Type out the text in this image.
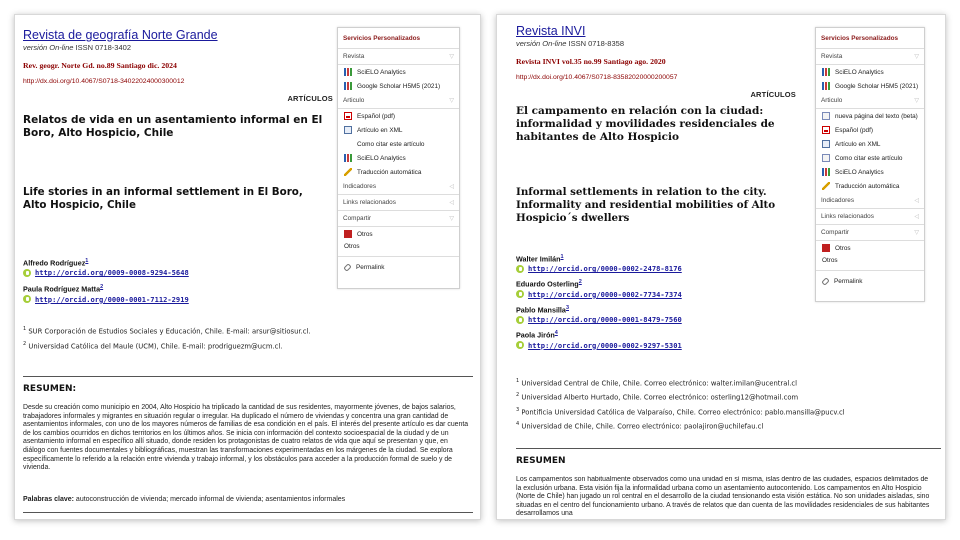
Revista de geografía Norte Grande
versión On-line ISSN 0718-3402
Rev. geogr. Norte Gd. no.89 Santiago dic. 2024
http://dx.doi.org/10.4067/S0718-34022024000300012
ARTÍCULOS
Relatos de vida en un asentamiento informal en El Boro, Alto Hospicio, Chile
Life stories in an informal settlement in El Boro, Alto Hospicio, Chile
Alfredo Rodríguez$^1$
http://orcid.org/0009-0008-9294-5648
Paula Rodríguez Matta$^2$
http://orcid.org/0000-0001-7112-2919
$^1$ SUR Corporación de Estudios Sociales y Educación, Chile. E-mail: arsur@sitiosur.cl.
$^2$ Universidad Católica del Maule (UCM), Chile. E-mail: prodriguezm@ucm.cl.
RESUMEN:
Desde su creación como municipio en 2004, Alto Hospicio ha triplicado la cantidad de sus residentes, mayormente jóvenes, de bajos salarios, trabajadores informales y migrantes en situación regular o irregular. Ha duplicado el número de viviendas y concentra una gran cantidad de asentamientos informales, con uno de los mayores números de familias de esa condición en el país. El interés del presente artículo es dar cuenta de los cambios ocurridos en dichos territorios en los últimos años. Se inicia con información del contexto socioespacial de la ciudad y de un asentamiento informal en específico allí situado, donde residen los protagonistas de cuatro relatos de vida que aquí se presentan y que, en diálogo con fuentes documentales y bibliográficas, muestran las transformaciones experimentadas en los márgenes de la ciudad. Se explora específicamente lo referido a la relación entre vivienda y trabajo informal, y los obstáculos para acceder a la producción formal de suelo y de vivienda.
Palabras clave: autoconstrucción de vivienda; mercado informal de vivienda; asentamientos informales
Servicios Personalizados
Revista	▽
SciELO Analytics
Google Scholar H5M5 (2021)
Articulo	▽
Español (pdf)
Artículo en XML
Como citar este artículo
SciELO Analytics
Traducción automática
Indicadores	◁
Links relacionados	◁
Compartir	▽
Otros
Otros
Permalink
Revista INVI
versión On-line ISSN 0718-8358
Revista INVI vol.35 no.99 Santiago ago. 2020
http://dx.doi.org/10.4067/S0718-83582020000200057
ARTÍCULOS
El campamento en relación con la ciudad: informalidad y movilidades residenciales de habitantes de Alto Hospicio
Informal settlements in relation to the city. Informality and residential mobilities of Alto Hospicio´s dwellers
Walter Imilán$^1$
http://orcid.org/0000-0002-2478-8176
Eduardo Osterling$^2$
http://orcid.org/0000-0002-7734-7374
Pablo Mansilla$^3$
http://orcid.org/0000-0001-8479-7560
Paola Jirón$^4$
http://orcid.org/0000-0002-9297-5301
$^1$ Universidad Central de Chile, Chile. Correo electrónico: walter.imilan@ucentral.cl
$^2$ Universidad Alberto Hurtado, Chile. Correo electrónico: osterling12@hotmail.com
$^3$ Pontificia Universidad Católica de Valparaíso, Chile. Correo electrónico: pablo.mansilla@pucv.cl
$^4$ Universidad de Chile, Chile. Correo electrónico: paolajiron@uchilefau.cl
RESUMEN
Los campamentos son habitualmente observados como una unidad en sí misma, islas dentro de las ciudades, espacios delimitados de la exclusión urbana. Esta visión fija la informalidad urbana como un asentamiento autocontenido. Los campamentos en Alto Hospicio (Norte de Chile) han jugado un rol central en el desarrollo de la ciudad tensionando esta visión estática. No son unidades aisladas, sino situadas en el centro del funcionamiento urbano. A través de relatos que dan cuenta de las movilidades residenciales de sus habitantes desarrollamos una
Servicios Personalizados
Revista	▽
SciELO Analytics
Google Scholar H5M5 (2021)
Articulo	▽
nueva página del texto (beta)
Español (pdf)
Artículo en XML
Como citar este artículo
SciELO Analytics
Traducción automática
Indicadores	◁
Links relacionados	◁
Compartir	▽
Otros
Otros
Permalink
